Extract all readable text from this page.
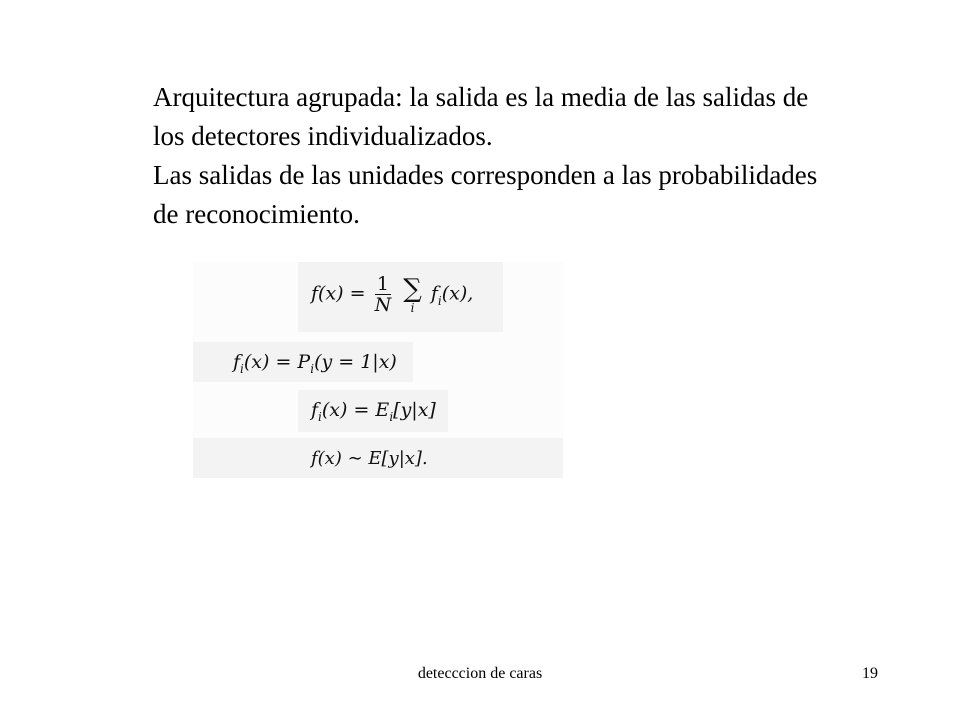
Arquitectura agrupada: la salida es la media de las salidas de los detectores individualizados.

Las salidas de las unidades corresponden a las probabilidades de reconocimiento.

$f(x) = \frac{1}{N}$
∑
i
$f_i(x)$,
$f_i(x) = P_i(y = 1|x)$
$f_i(x) = E_i[y|x]$
f(x) ∼ E[y|x].
detecccion de caras	19
